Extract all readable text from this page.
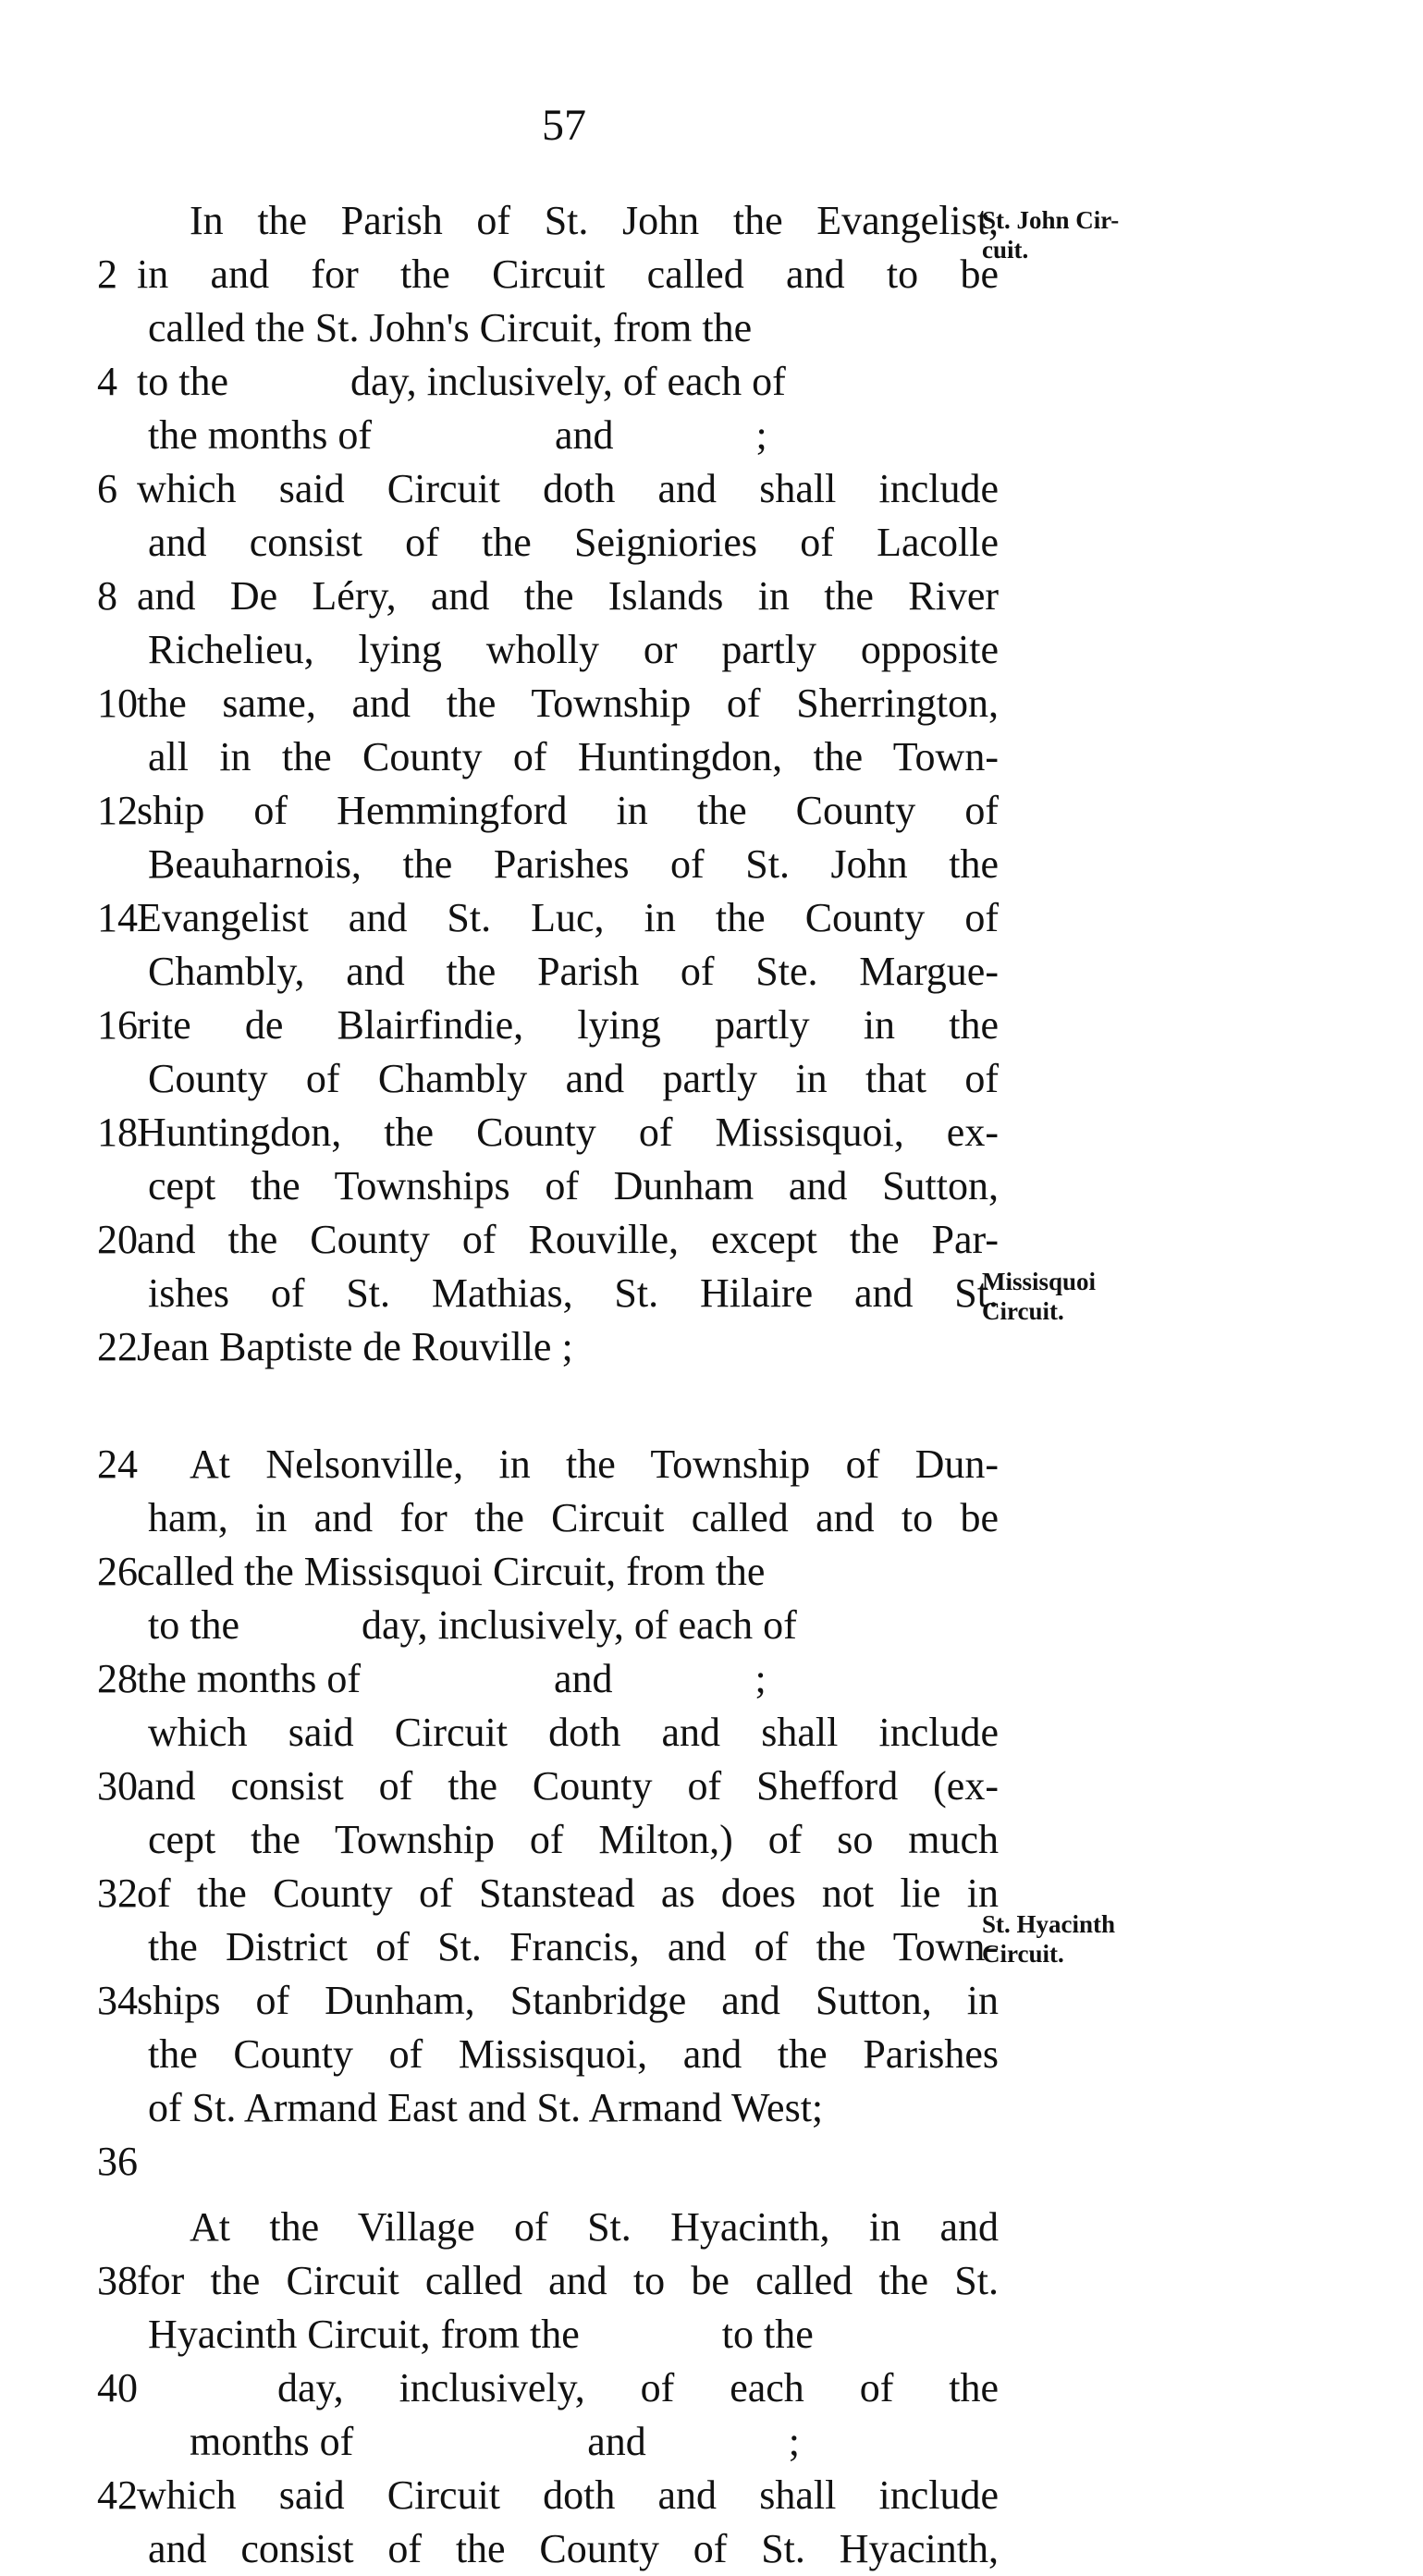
57
St. John Cir-
cuit.
Missisquoi
Circuit.
St. Hyacinth
Circuit.
In the Parish of St. John the Evangelist,
2 in and for the Circuit called and to be
called the St. John's Circuit, from the
4 to the            day, inclusively, of each of
the months of                  and              ;
6 which said Circuit doth and shall include
and consist of the Seigniories of Lacolle
8 and De Léry, and the Islands in the River
Richelieu, lying wholly or partly opposite
10 the same, and the Township of Sherrington,
all in the County of Huntingdon, the Town-
12 ship of Hemmingford in the County of
Beauharnois, the Parishes of St. John the
14 Evangelist and St. Luc, in the County of
Chambly, and the Parish of Ste. Margue-
16 rite de Blairfindie, lying partly in the
County of Chambly and partly in that of
18 Huntingdon, the County of Missisquoi, ex-
cept the Townships of Dunham and Sutton,
20 and the County of Rouville, except the Par-
ishes of St. Mathias, St. Hilaire and St.
22 Jean Baptiste de Rouville ;
24 At Nelsonville, in the Township of Dun-
ham, in and for the Circuit called and to be
26 called the Missisquoi Circuit, from the
to the            day, inclusively, of each of
28 the months of                   and              ;
which said Circuit doth and shall include
30 and consist of the County of Shefford (ex-
cept the Township of Milton,) of so much
32 of the County of Stanstead as does not lie in
the District of St. Francis, and of the Town-
34 ships of Dunham, Stanbridge and Sutton, in
the County of Missisquoi, and the Parishes
of St. Armand East and St. Armand West;
36
At the Village of St. Hyacinth, in and
38 for the Circuit called and to be called the St.
Hyacinth Circuit, from the              to the
40	day, inclusively, of each of the
months of                       and              ;
42 which said Circuit doth and shall include
and consist of the County of St. Hyacinth,
